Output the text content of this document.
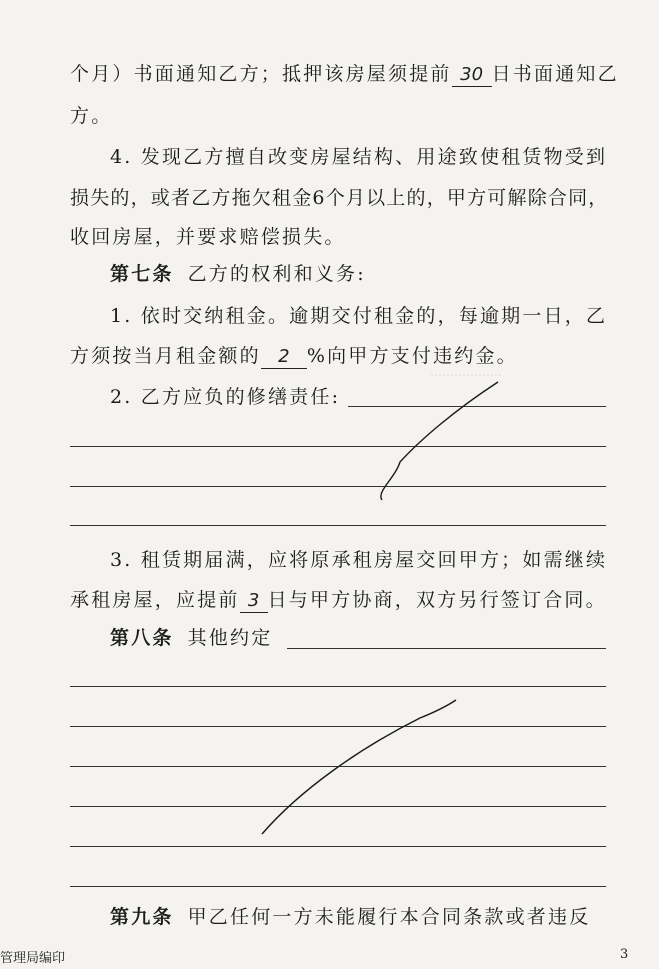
………………
个月）书面通知乙方；抵押该房屋须提前 30 日书面通知乙
方。
4. 发现乙方擅自改变房屋结构、用途致使租赁物受到
损失的，或者乙方拖欠租金6个月以上的，甲方可解除合同，
收回房屋，并要求赔偿损失。
第七条 乙方的权利和义务:
1. 依时交纳租金。逾期交付租金的，每逾期一日，乙
方须按当月租金额的 2 %向甲方支付违约金。
2. 乙方应负的修缮责任:
3. 租赁期届满，应将原承租房屋交回甲方；如需继续
承租房屋，应提前 3 日与甲方协商，双方另行签订合同。
第八条 其他约定
第九条 甲乙任何一方未能履行本合同条款或者违反
管理局编印	3
